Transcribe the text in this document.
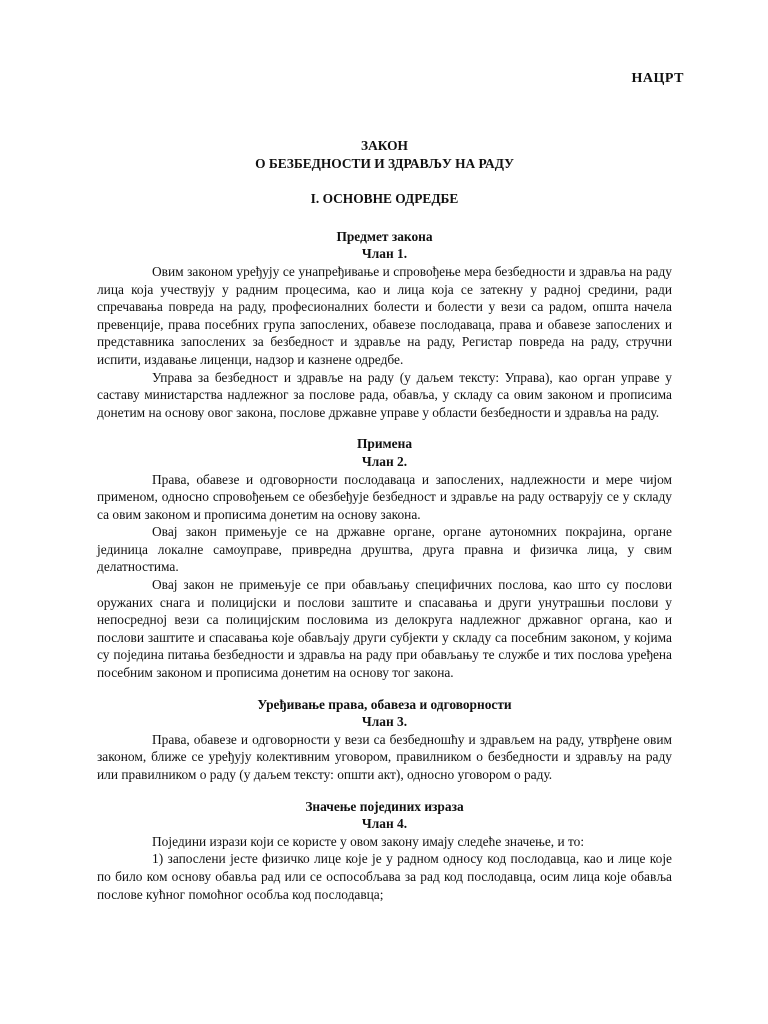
НАЦРТ
ЗАКОН
О БЕЗБЕДНОСТИ И ЗДРАВЉУ НА РАДУ
I. ОСНОВНЕ ОДРЕДБЕ
Предмет закона
Члан 1.

Овим законом уређују се унапређивање и спровођење мера безбедности и здравља на раду лица која учествују у радним процесима, као и лица која се затекну у радној средини, ради спречавања повреда на раду, професионалних болести и болести у вези са радом, општа начела превенције, права посебних група запослених, обавезе послодаваца, права и обавезе запослених и представника запослених за безбедност и здравље на раду, Регистар повреда на раду, стручни испити, издавање лиценци, надзор и казнене одредбе.

Управа за безбедност и здравље на раду (у даљем тексту: Управа), као орган управе у саставу министарства надлежног за послове рада, обавља, у складу са овим законом и прописима донетим на основу овог закона, послове државне управе у области безбедности и здравља на раду.

Примена
Члан 2.

Права, обавезе и одговорности послодаваца и запослених, надлежности и мере чијом применом, односно спровођењем се обезбеђује безбедност и здравље на раду остварују се у складу са овим законом и прописима донетим на основу закона.

Овај закон примењује се на државне органе, органе аутономних покрајина, органе јединица локалне самоуправе, привредна друштва, друга правна и физичка лица, у свим делатностима.

Овај закон не примењује се при обављању специфичних послова, као што су послови оружаних снага и полицијски и послови заштите и спасавања и други унутрашњи послови у непосредној вези са полицијским пословима из делокруга надлежног државног органа, као и послови заштите и спасавања које обављају други субјекти у складу са посебним законом, у којима су поједина питања безбедности и здравља на раду при обављању те службе и тих послова уређена посебним законом и прописима донетим на основу тог закона.

Уређивање права, обавеза и одговорности
Члан 3.

Права, обавезе и одговорности у вези са безбедношћу и здрављем на раду, утврђене овим законом, ближе се уређују колективним уговором, правилником о безбедности и здрављу на раду или правилником о раду (у даљем тексту: општи акт), односно уговором о раду.

Значење појединих израза
Члан 4.

Поједини изрази који се користе у овом закону имају следеће значење, и то:

1) запослени јесте физичко лице које је у радном односу код послодавца, као и лице које по било ком основу обавља рад или се оспособљава за рад код послодавца, осим лица које обавља послове кућног помоћног особља код послодавца;
